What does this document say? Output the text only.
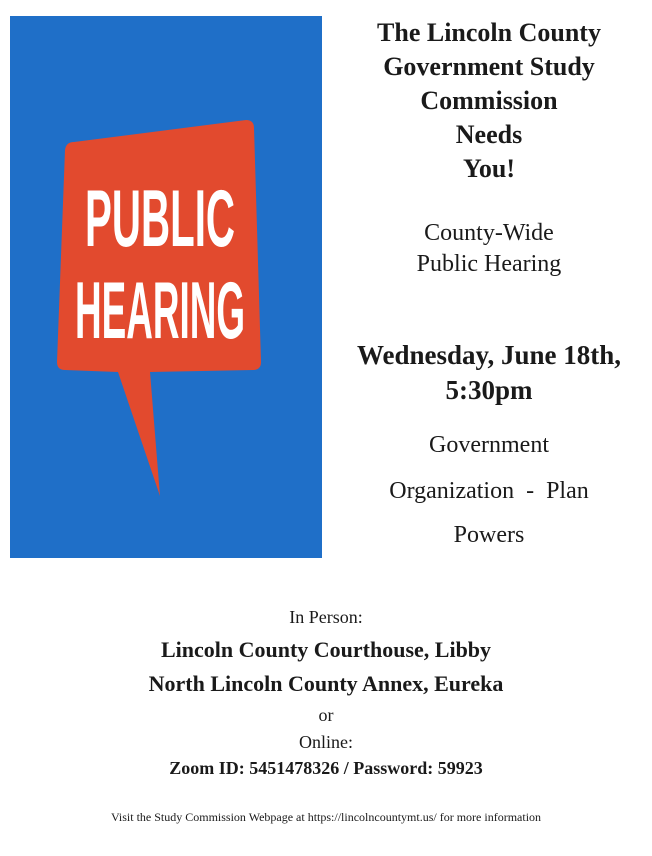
PUBLIC
HEARING
The Lincoln County
Government Study
Commission
Needs
You!
County-Wide
Public Hearing
Wednesday, June 18th,
5:30pm
Government
Organization  -  Plan
Powers
In Person:
Lincoln County Courthouse, Libby
North Lincoln County Annex, Eureka
or
Online:
Zoom ID: 5451478326 / Password: 59923
Visit the Study Commission Webpage at https://lincolncountymt.us/ for more information
